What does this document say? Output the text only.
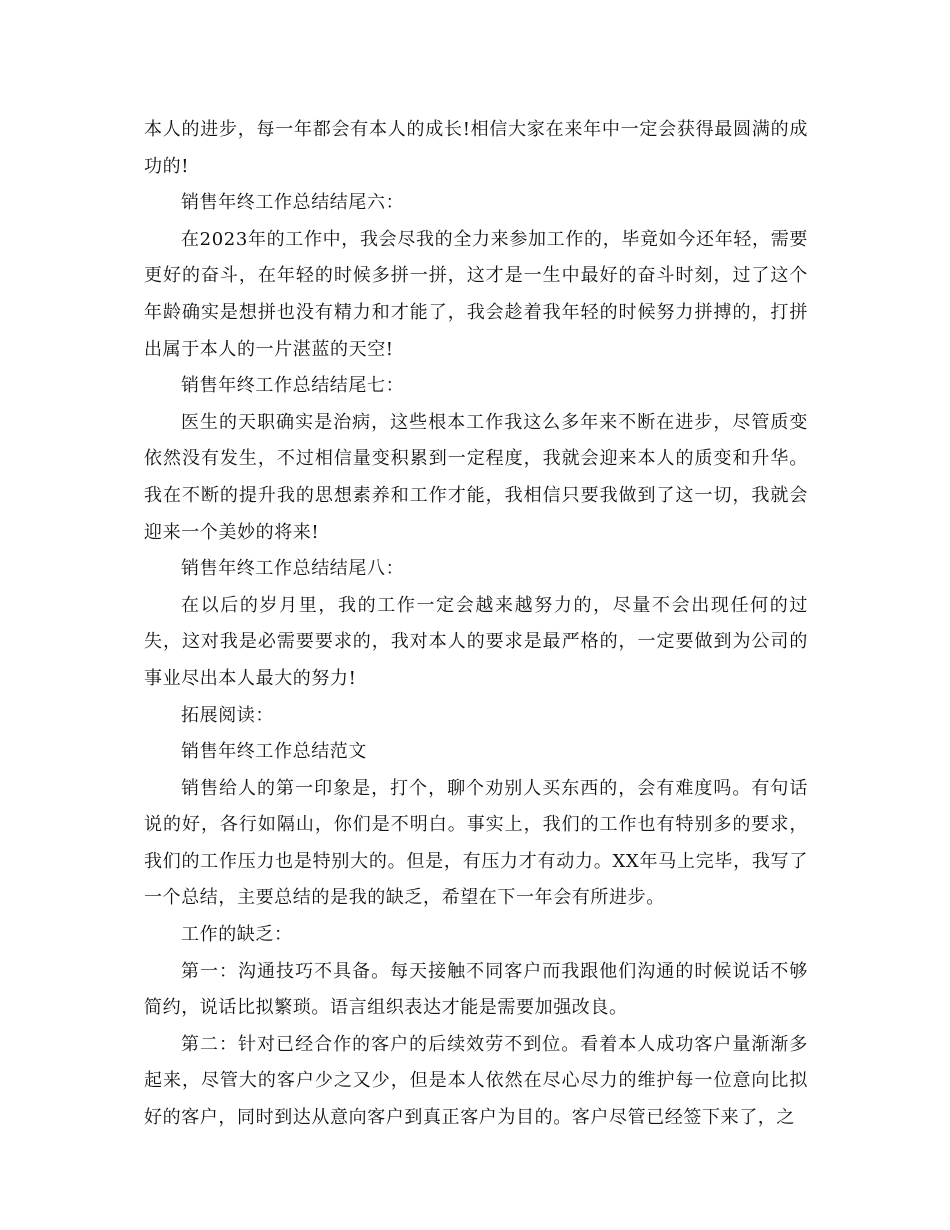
本人的进步，每一年都会有本人的成长!相信大家在来年中一定会获得最圆满的成功的!

销售年终工作总结结尾六：

在2023年的工作中，我会尽我的全力来参加工作的，毕竟如今还年轻，需要更好的奋斗，在年轻的时候多拼一拼，这才是一生中最好的奋斗时刻，过了这个年龄确实是想拼也没有精力和才能了，我会趁着我年轻的时候努力拼搏的，打拼出属于本人的一片湛蓝的天空!

销售年终工作总结结尾七：

医生的天职确实是治病，这些根本工作我这么多年来不断在进步，尽管质变依然没有发生，不过相信量变积累到一定程度，我就会迎来本人的质变和升华。我在不断的提升我的思想素养和工作才能，我相信只要我做到了这一切，我就会迎来一个美妙的将来!

销售年终工作总结结尾八：

在以后的岁月里，我的工作一定会越来越努力的，尽量不会出现任何的过失，这对我是必需要要求的，我对本人的要求是最严格的，一定要做到为公司的事业尽出本人最大的努力!

拓展阅读：

销售年终工作总结范文

销售给人的第一印象是，打个，聊个劝别人买东西的，会有难度吗。有句话说的好，各行如隔山，你们是不明白。事实上，我们的工作也有特别多的要求，我们的工作压力也是特别大的。但是，有压力才有动力。XX年马上完毕，我写了一个总结，主要总结的是我的缺乏，希望在下一年会有所进步。

工作的缺乏：

第一：沟通技巧不具备。每天接触不同客户而我跟他们沟通的时候说话不够简约，说话比拟繁琐。语言组织表达才能是需要加强改良。

第二：针对已经合作的客户的后续效劳不到位。看着本人成功客户量渐渐多起来，尽管大的客户少之又少，但是本人依然在尽心尽力的维护每一位意向比拟好的客户，同时到达从意向客户到真正客户为目的。客户尽管已经签下来了，之
